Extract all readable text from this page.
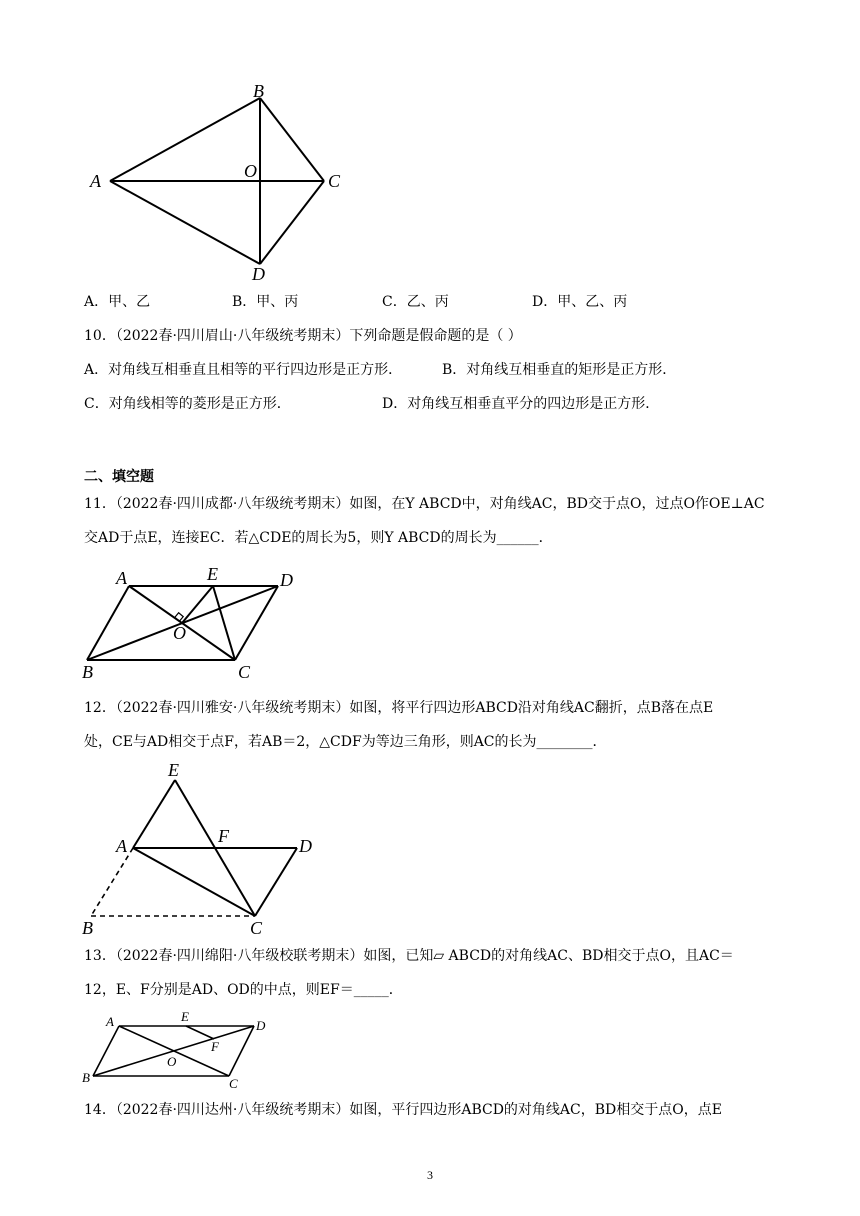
B
A	O	C
D
A．甲、乙	B．甲、丙	C．乙、丙	D．甲、乙、丙
10．（2022春·四川眉山·八年级统考期末）下列命题是假命题的是（ ）
A．对角线互相垂直且相等的平行四边形是正方形．	B．对角线互相垂直的矩形是正方形．
C．对角线相等的菱形是正方形．	D．对角线互相垂直平分的四边形是正方形．
二、填空题
11．（2022春·四川成都·八年级统考期末）如图，在Y ABCD中，对角线AC，BD交于点O，过点O作OE⊥AC
交AD于点E，连接EC．若△CDE的周长为5，则Y ABCD的周长为______．
A	E	D
O
B	C
12．（2022春·四川雅安·八年级统考期末）如图，将平行四边形ABCD沿对角线AC翻折，点B落在点E
处，CE与AD相交于点F，若AB＝2，△CDF为等边三角形，则AC的长为________．
E
A	F	D
B	C
13．（2022春·四川绵阳·八年级校联考期末）如图，已知▱ ABCD的对角线AC、BD相交于点O，且AC＝
12，E、F分别是AD、OD的中点，则EF＝_____．
A	E
D
F
O
B	C
14．（2022春·四川达州·八年级统考期末）如图，平行四边形ABCD的对角线AC，BD相交于点O，点E
3
